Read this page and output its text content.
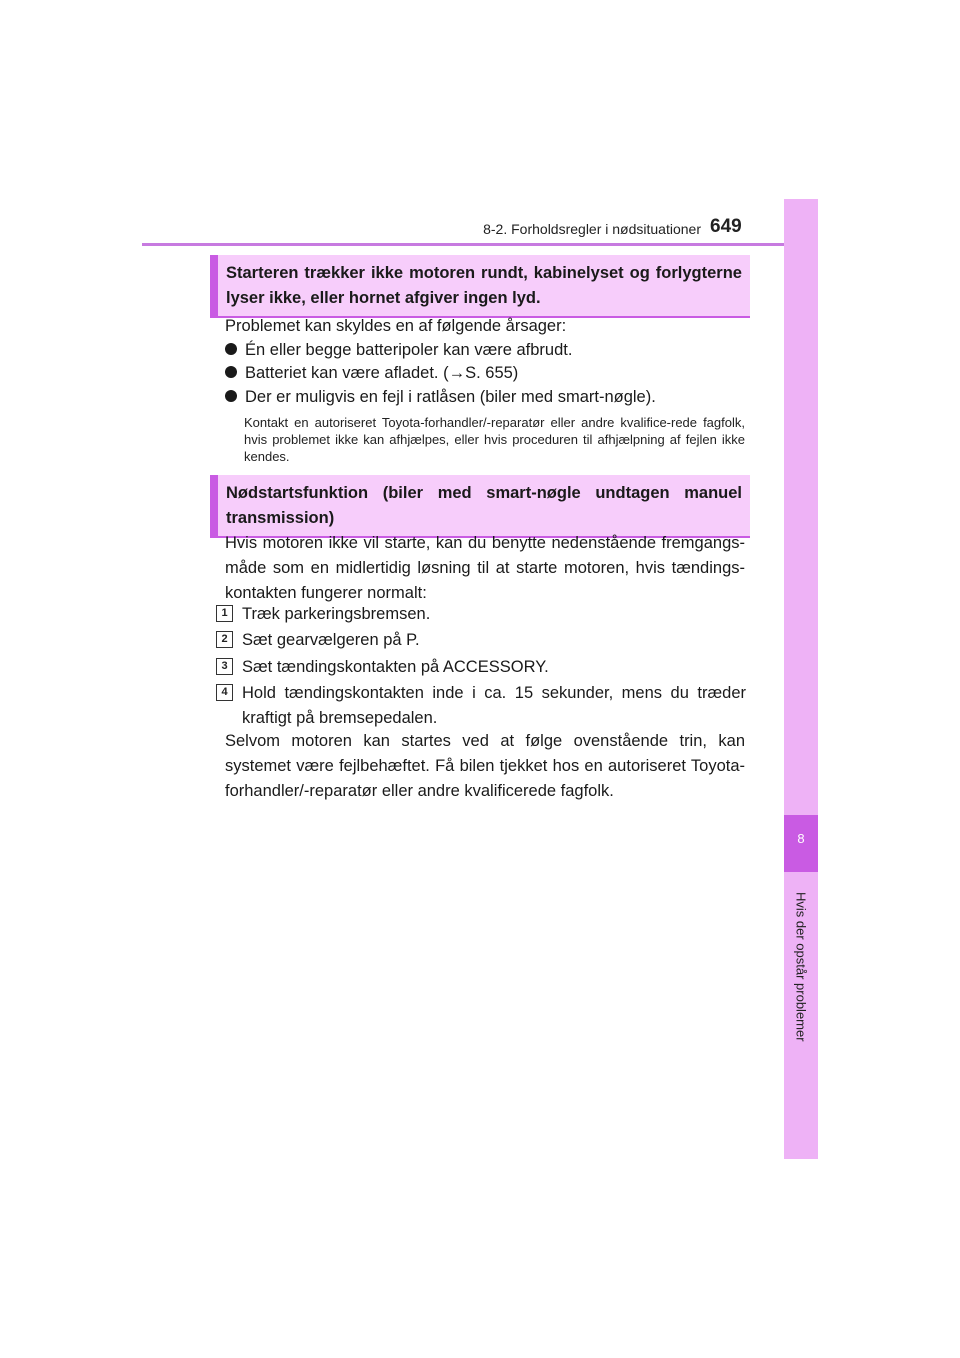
8-2. Forholdsregler i nødsituationer 649
8
Hvis der opstår problemer
Starteren trækker ikke motoren rundt, kabinelyset og forlygterne lyser ikke, eller hornet afgiver ingen lyd.
Problemet kan skyldes en af følgende årsager:
Én eller begge batteripoler kan være afbrudt.
Batteriet kan være afladet. (→S. 655)
Der er muligvis en fejl i ratlåsen (biler med smart-nøgle).
Kontakt en autoriseret Toyota-forhandler/-reparatør eller andre kvalifice-rede fagfolk, hvis problemet ikke kan afhjælpes, eller hvis proceduren til afhjælpning af fejlen ikke kendes.
Nødstartsfunktion (biler med smart-nøgle undtagen manuel transmission)
Hvis motoren ikke vil starte, kan du benytte nedenstående fremgangs-måde som en midlertidig løsning til at starte motoren, hvis tændings-kontakten fungerer normalt:
1 Træk parkeringsbremsen.
2 Sæt gearvælgeren på P.
3 Sæt tændingskontakten på ACCESSORY.
4 Hold tændingskontakten inde i ca. 15 sekunder, mens du træder kraftigt på bremsepedalen.
Selvom motoren kan startes ved at følge ovenstående trin, kan systemet være fejlbehæftet. Få bilen tjekket hos en autoriseret Toyota-forhandler/-reparatør eller andre kvalificerede fagfolk.
